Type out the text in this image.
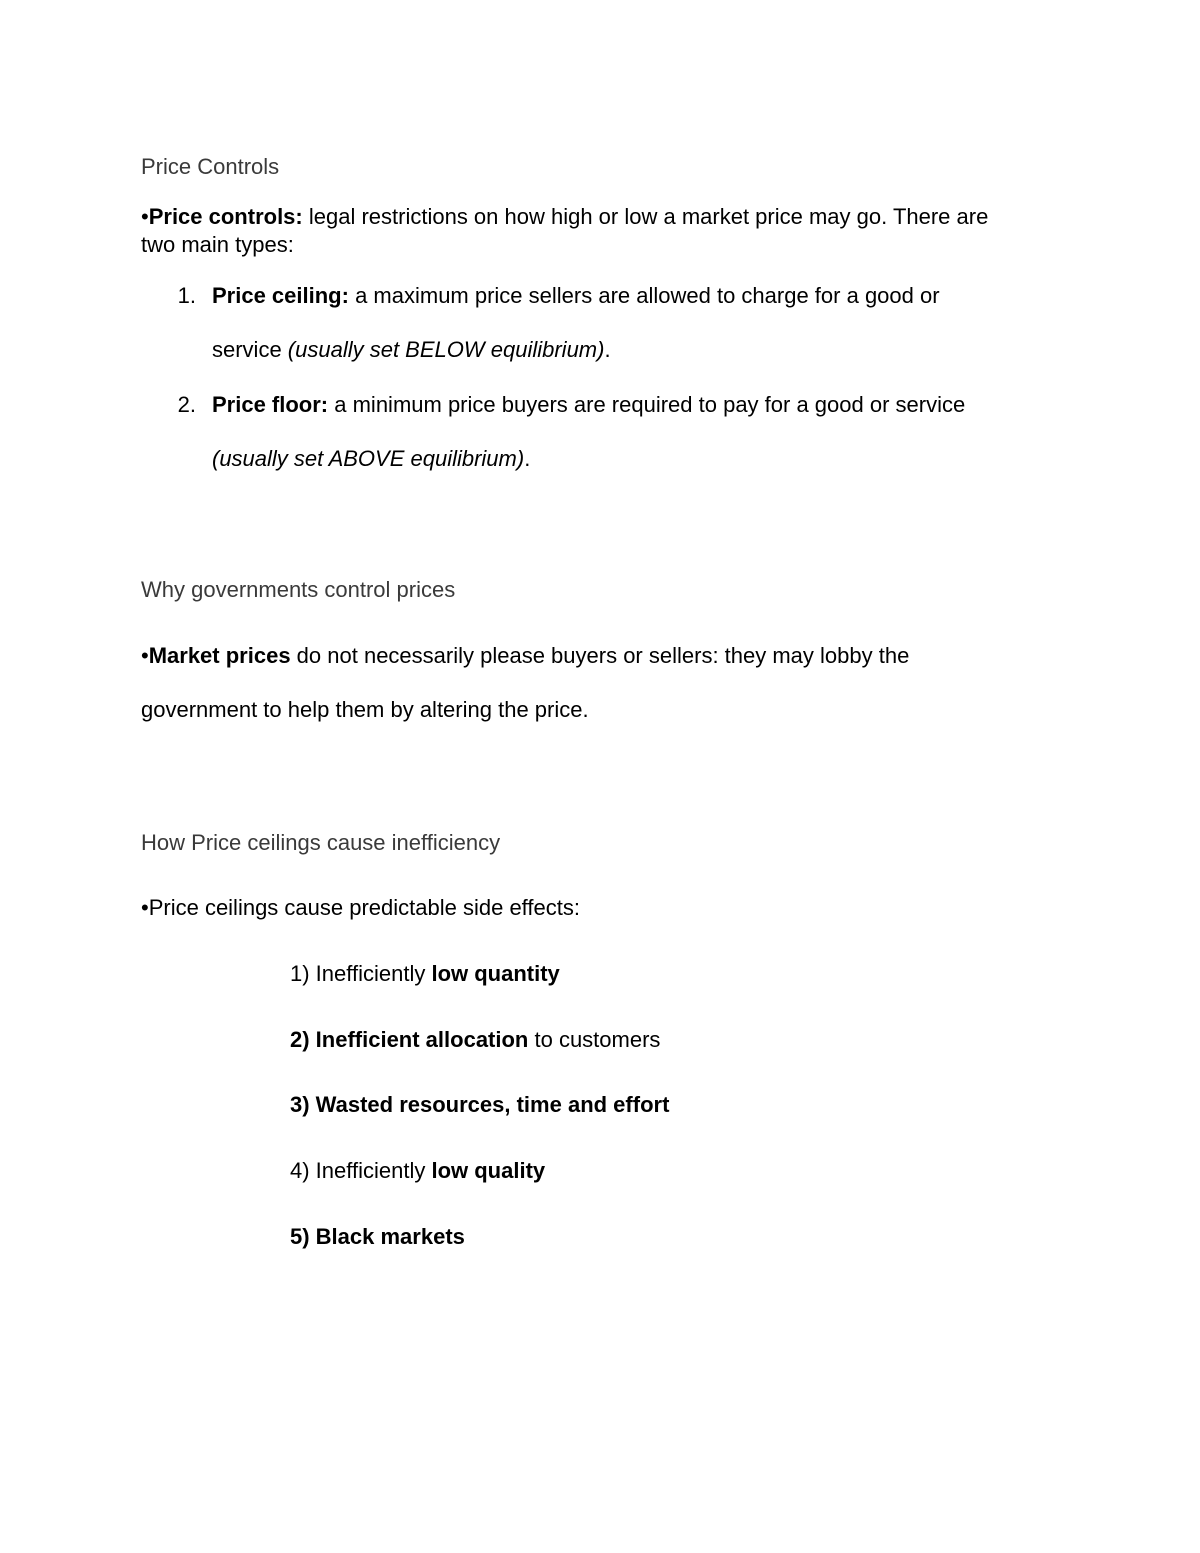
Price Controls
•Price controls: legal restrictions on how high or low a market price may go. There are
two main types:
1. Price ceiling: a maximum price sellers are allowed to charge for a good or
service (usually set BELOW equilibrium).
2. Price floor: a minimum price buyers are required to pay for a good or service
(usually set ABOVE equilibrium).
Why governments control prices
•Market prices do not necessarily please buyers or sellers: they may lobby the
government to help them by altering the price.
How Price ceilings cause inefficiency
•Price ceilings cause predictable side effects:
1) Inefficiently low quantity
2) Inefficient allocation to customers
3) Wasted resources, time and effort
4) Inefficiently low quality
5) Black markets
